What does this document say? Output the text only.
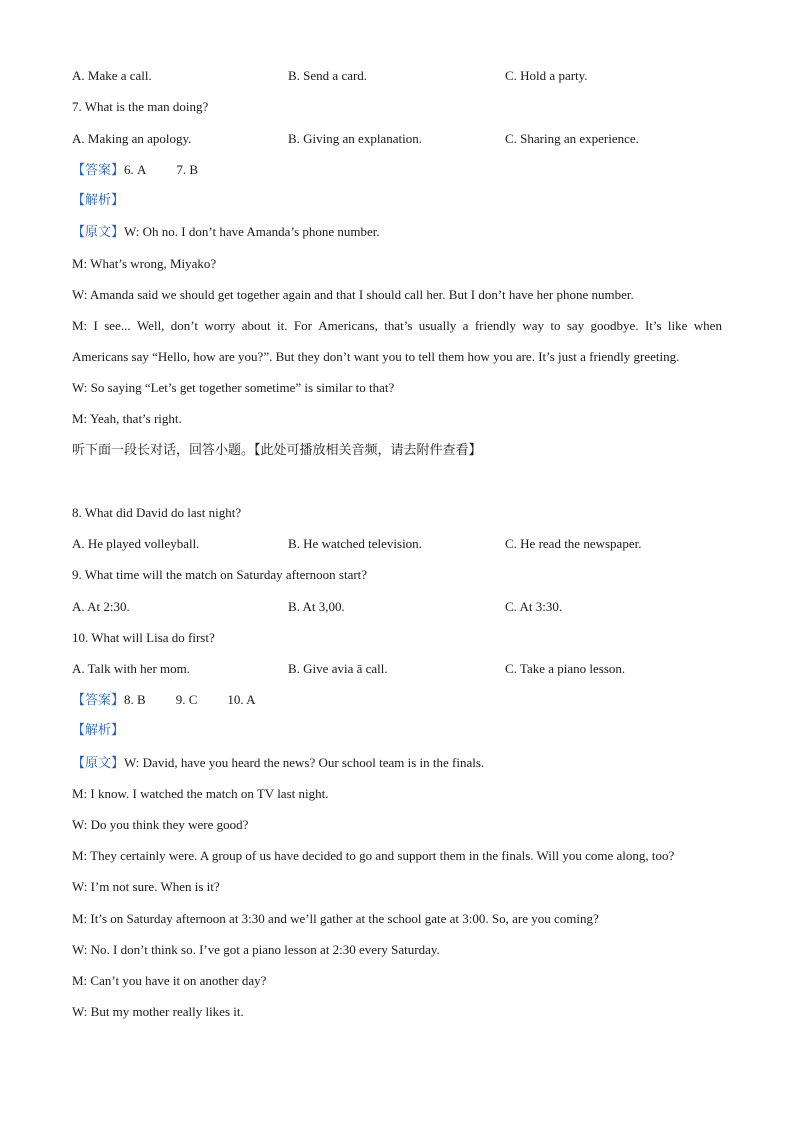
A. Make a call.	B. Send a card.	C. Hold a party.
7. What is the man doing?
A. Making an apology.	B. Giving an explanation.	C. Sharing an experience.
【答案】6. A 7. B
【解析】
【原文】W: Oh no. I don’t have Amanda’s phone number.
M: What’s wrong, Miyako?
W: Amanda said we should get together again and that I should call her. But I don’t have her phone number.
M: I see... Well, don’t worry about it. For Americans, that’s usually a friendly way to say goodbye. It’s like when
Americans say “Hello, how are you?”. But they don’t want you to tell them how you are. It’s just a friendly greeting.
W: So saying “Let’s get together sometime” is similar to that?
M: Yeah, that’s right.
听下面一段长对话，回答小题。【此处可播放相关音频，请去附件查看】
8. What did David do last night?
A. He played volleyball.	B. He watched television.	C. He read the newspaper.
9. What time will the match on Saturday afternoon start?
A. At 2:30.	B. At 3,00.	C. At 3:30.
10. What will Lisa do first?
A. Talk with her mom.	B. Give avia ā call.	C. Take a piano lesson.
【答案】8. B 9. C 10. A
【解析】
【原文】W: David, have you heard the news? Our school team is in the finals.
M: I know. I watched the match on TV last night.
W: Do you think they were good?
M: They certainly were. A group of us have decided to go and support them in the finals. Will you come along, too?
W: I’m not sure. When is it?
M: It’s on Saturday afternoon at 3:30 and we’ll gather at the school gate at 3:00. So, are you coming?
W: No. I don’t think so. I’ve got a piano lesson at 2:30 every Saturday.
M: Can’t you have it on another day?
W: But my mother really likes it.
